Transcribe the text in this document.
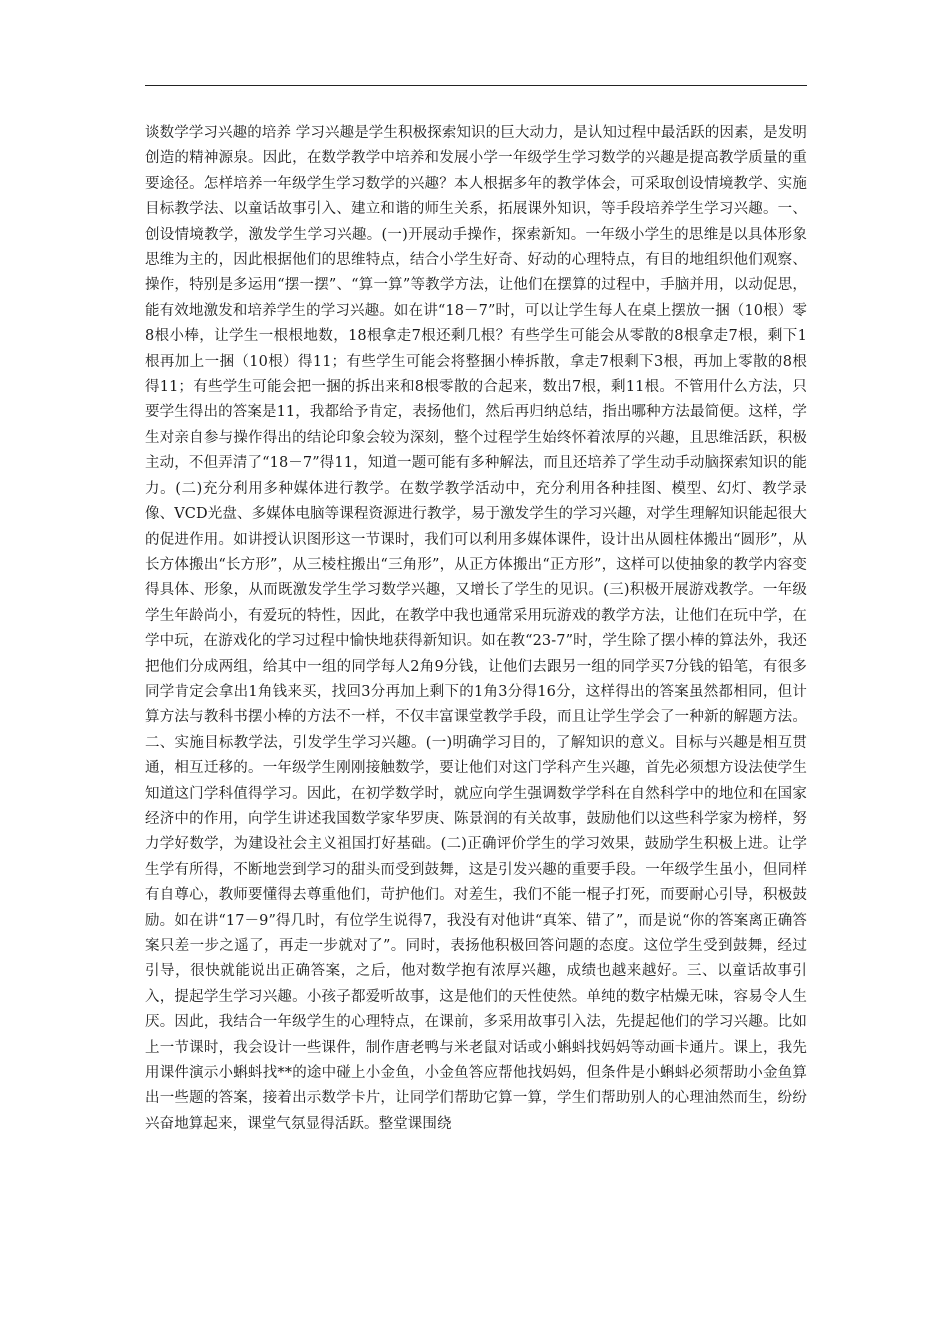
谈数学学习兴趣的培养 学习兴趣是学生积极探索知识的巨大动力，是认知过程中最活跃的因素，是发明创造的精神源泉。因此，在数学教学中培养和发展小学一年级学生学习数学的兴趣是提高教学质量的重要途径。怎样培养一年级学生学习数学的兴趣？本人根据多年的教学体会，可采取创设情境教学、实施目标教学法、以童话故事引入、建立和谐的师生关系，拓展课外知识，等手段培养学生学习兴趣。一、创设情境教学，激发学生学习兴趣。(一)开展动手操作，探索新知。一年级小学生的思维是以具体形象思维为主的，因此根据他们的思维特点，结合小学生好奇、好动的心理特点，有目的地组织他们观察、操作，特别是多运用“摆一摆”、“算一算”等教学方法，让他们在摆算的过程中，手脑并用，以动促思，能有效地激发和培养学生的学习兴趣。如在讲“18－7”时，可以让学生每人在桌上摆放一捆（10根）零8根小棒，让学生一根根地数，18根拿走7根还剩几根？有些学生可能会从零散的8根拿走7根，剩下1根再加上一捆（10根）得11；有些学生可能会将整捆小棒拆散，拿走7根剩下3根，再加上零散的8根得11；有些学生可能会把一捆的拆出来和8根零散的合起来，数出7根，剩11根。不管用什么方法，只要学生得出的答案是11，我都给予肯定，表扬他们，然后再归纳总结，指出哪种方法最简便。这样，学生对亲自参与操作得出的结论印象会较为深刻，整个过程学生始终怀着浓厚的兴趣，且思维活跃，积极主动，不但弄清了“18－7”得11，知道一题可能有多种解法，而且还培养了学生动手动脑探索知识的能力。(二)充分利用多种媒体进行教学。在数学教学活动中，充分利用各种挂图、模型、幻灯、教学录像、VCD光盘、多媒体电脑等课程资源进行教学，易于激发学生的学习兴趣，对学生理解知识能起很大的促进作用。如讲授认识图形这一节课时，我们可以利用多媒体课件，设计出从圆柱体搬出“圆形”，从长方体搬出“长方形”，从三棱柱搬出“三角形”，从正方体搬出“正方形”，这样可以使抽象的教学内容变得具体、形象，从而既激发学生学习数学兴趣，又增长了学生的见识。(三)积极开展游戏教学。一年级学生年龄尚小，有爱玩的特性，因此，在教学中我也通常采用玩游戏的教学方法，让他们在玩中学，在学中玩，在游戏化的学习过程中愉快地获得新知识。如在教“23-7”时，学生除了摆小棒的算法外，我还把他们分成两组，给其中一组的同学每人2角9分钱，让他们去跟另一组的同学买7分钱的铅笔，有很多同学肯定会拿出1角钱来买，找回3分再加上剩下的1角3分得16分，这样得出的答案虽然都相同，但计算方法与教科书摆小棒的方法不一样，不仅丰富课堂教学手段，而且让学生学会了一种新的解题方法。二、实施目标教学法，引发学生学习兴趣。(一)明确学习目的，了解知识的意义。目标与兴趣是相互贯通，相互迁移的。一年级学生刚刚接触数学，要让他们对这门学科产生兴趣，首先必须想方设法使学生知道这门学科值得学习。因此，在初学数学时，就应向学生强调数学学科在自然科学中的地位和在国家经济中的作用，向学生讲述我国数学家华罗庚、陈景润的有关故事，鼓励他们以这些科学家为榜样，努力学好数学，为建设社会主义祖国打好基础。(二)正确评价学生的学习效果，鼓励学生积极上进。让学生学有所得，不断地尝到学习的甜头而受到鼓舞，这是引发兴趣的重要手段。一年级学生虽小，但同样有自尊心，教师要懂得去尊重他们，苛护他们。对差生，我们不能一棍子打死，而要耐心引导，积极鼓励。如在讲“17－9”得几时，有位学生说得7，我没有对他讲“真笨、错了”，而是说“你的答案离正确答案只差一步之遥了，再走一步就对了”。同时，表扬他积极回答问题的态度。这位学生受到鼓舞，经过引导，很快就能说出正确答案，之后，他对数学抱有浓厚兴趣，成绩也越来越好。三、以童话故事引入，提起学生学习兴趣。小孩子都爱听故事，这是他们的天性使然。单纯的数字枯燥无味，容易令人生厌。因此，我结合一年级学生的心理特点，在课前，多采用故事引入法，先提起他们的学习兴趣。比如上一节课时，我会设计一些课件，制作唐老鸭与米老鼠对话或小蝌蚪找妈妈等动画卡通片。课上，我先用课件演示小蝌蚪找**的途中碰上小金鱼，小金鱼答应帮他找妈妈，但条件是小蝌蚪必须帮助小金鱼算出一些题的答案，接着出示数学卡片，让同学们帮助它算一算，学生们帮助别人的心理油然而生，纷纷兴奋地算起来，课堂气氛显得活跃。整堂课围绕
